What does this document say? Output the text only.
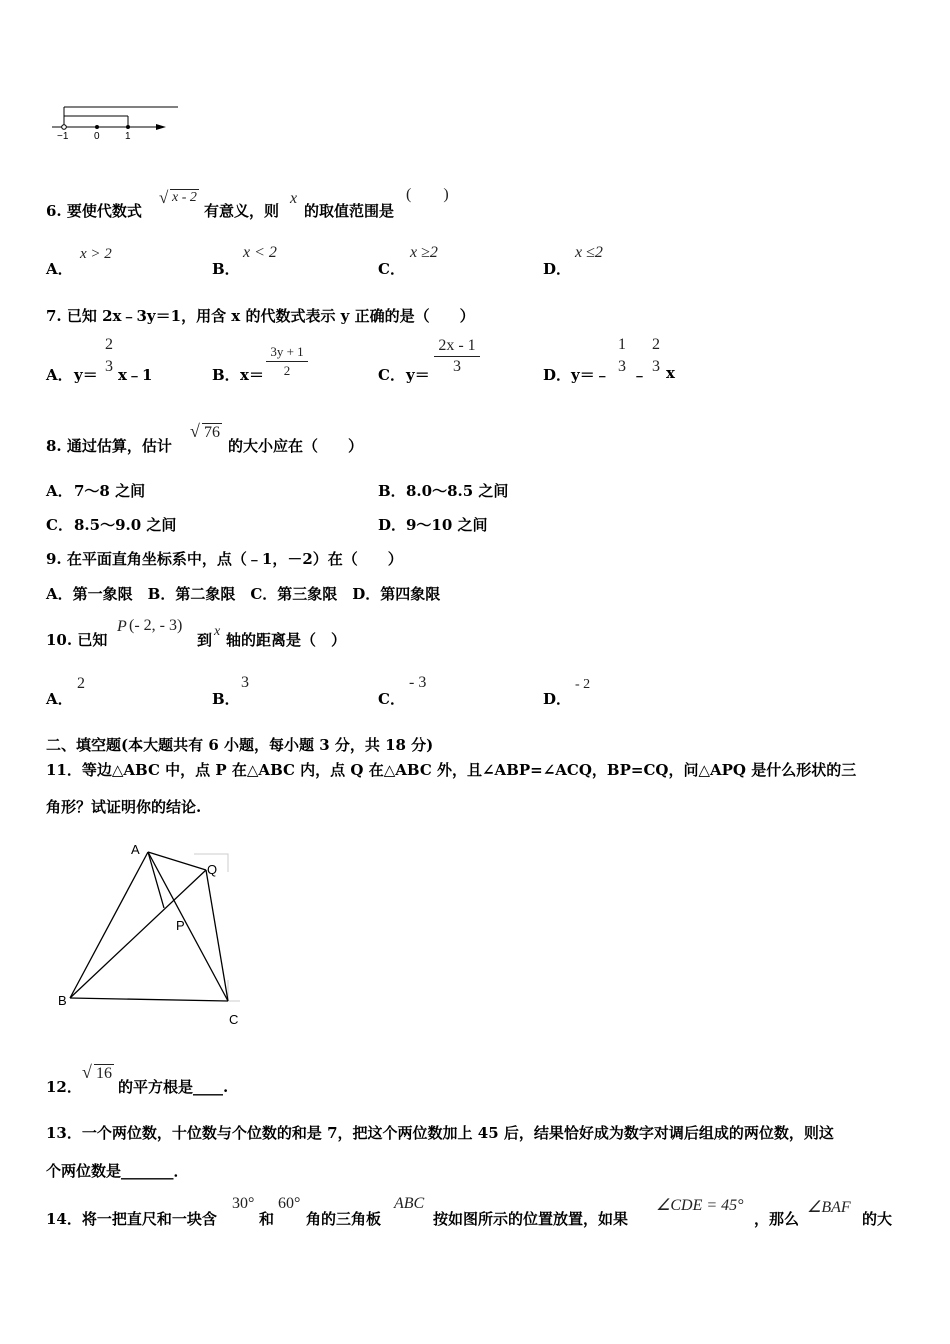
−1	0	1
6. 要使代数式
√ x - 2
有意义，则
x
的取值范围是
(        )
A．
x > 2
B．
x < 2
C．
x ≥2
D．
x ≤2
7. 已知 2x﹣3y＝1，用含 x 的代数式表示 y 正确的是（　　）
A． y＝
2
3 x﹣1	B． x＝
3y + 1
2	C． y＝
2x - 1
3	D． y＝﹣
1
3 ﹣
2
3 x
8. 通过估算，估计
√ 76
的大小应在（　　）
A． 7～8 之间	B． 8.0～8.5 之间
C． 8.5～9.0 之间	D． 9～10 之间
9. 在平面直角坐标系中，点（﹣1，－2）在（　　）
A．第一象限　B．第二象限　C．第三象限　D．第四象限
10. 已知
P (- 2, - 3)
到 x 轴的距离是（　）
A．
2
B．
3
C．
- 3
D．
- 2
二、填空题(本大题共有 6 小题，每小题 3 分，共 18 分)
11．等边△ABC 中，点 P 在△ABC 内，点 Q 在△ABC 外，且∠ABP=∠ACQ，BP=CQ，问△APQ 是什么形状的三
角形？试证明你的结论.
A
Q
P
B
C
12．
√ 16
的平方根是____.
13．一个两位数，十位数与个位数的和是 7，把这个两位数加上 45 后，结果恰好成为数字对调后组成的两位数，则这
个两位数是_______．
14．将一把直尺和一块含
30°
和
60°
角的三角板
ABC
按如图所示的位置放置，如果
∠CDE = 45°
，那么
∠BAF
的大
